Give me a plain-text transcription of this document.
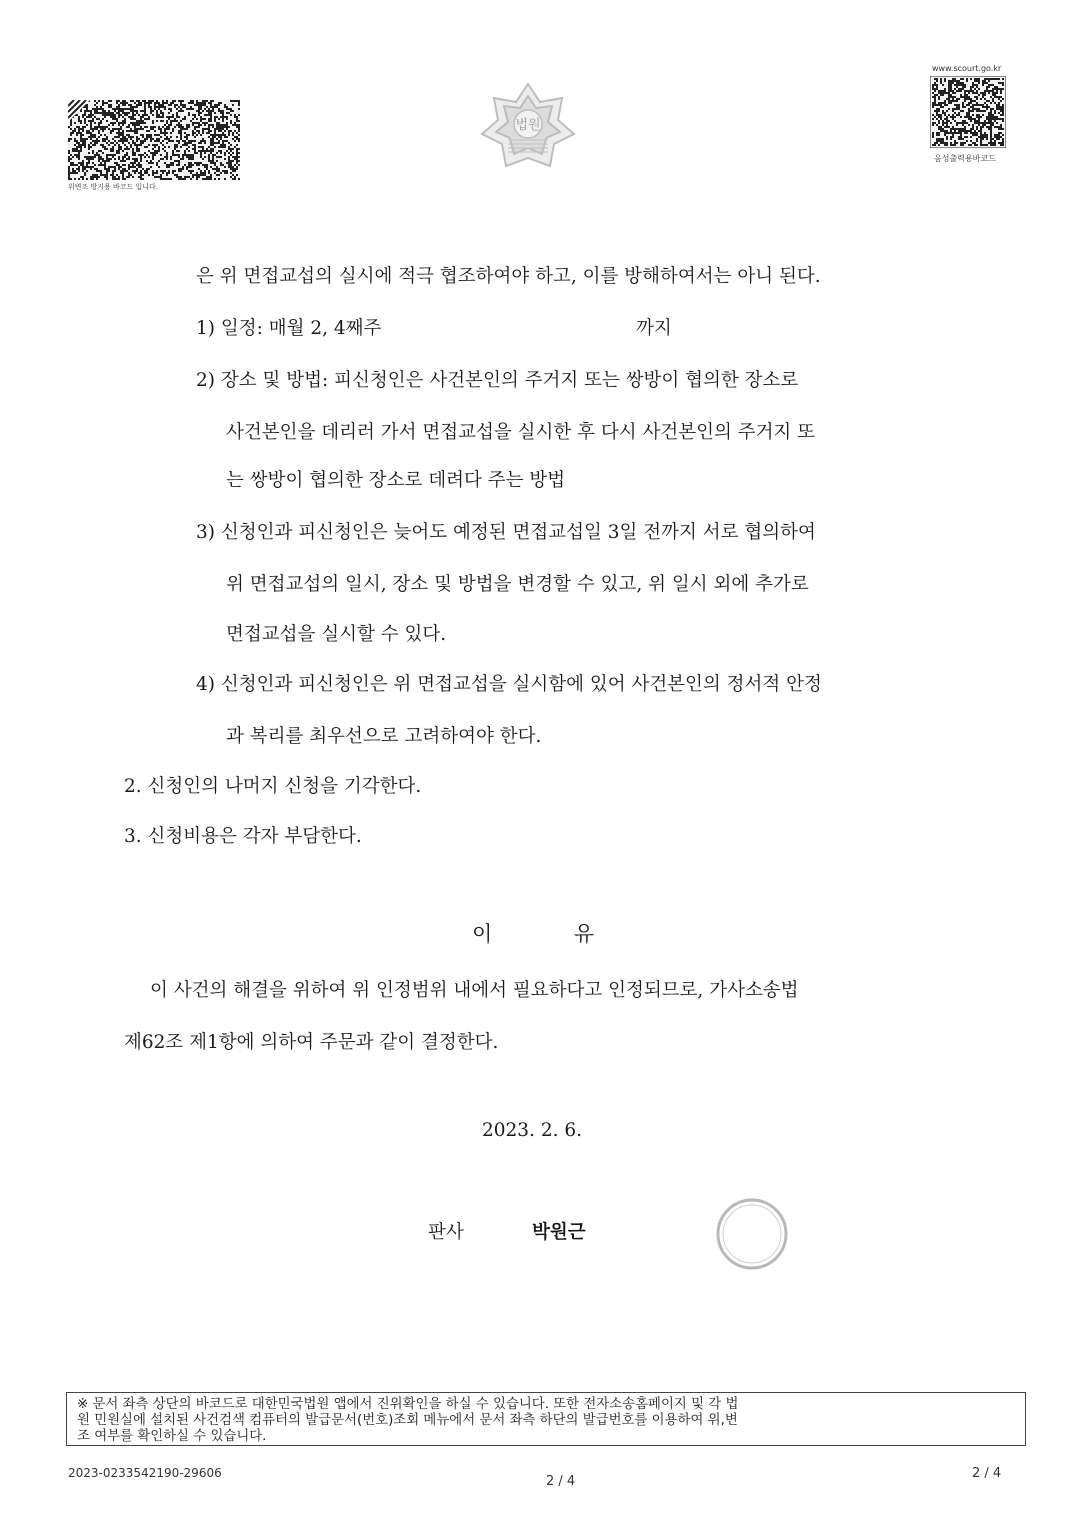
위변조 방지용 바코드 입니다.
법원
www.scourt.go.kr
음성출력용바코드
은 위 면접교섭의 실시에 적극 협조하여야 하고, 이를 방해하여서는 아니 된다.
1) 일정: 매월 2, 4째주	까지
2) 장소 및 방법: 피신청인은 사건본인의 주거지 또는 쌍방이 협의한 장소로
사건본인을 데리러 가서 면접교섭을 실시한 후 다시 사건본인의 주거지 또
는 쌍방이 협의한 장소로 데려다 주는 방법
3) 신청인과 피신청인은 늦어도 예정된 면접교섭일 3일 전까지 서로 협의하여
위 면접교섭의 일시, 장소 및 방법을 변경할 수 있고, 위 일시 외에 추가로
면접교섭을 실시할 수 있다.
4) 신청인과 피신청인은 위 면접교섭을 실시함에 있어 사건본인의 정서적 안정
과 복리를 최우선으로 고려하여야 한다.
2. 신청인의 나머지 신청을 기각한다.
3. 신청비용은 각자 부담한다.
이	유
이 사건의 해결을 위하여 위 인정범위 내에서 필요하다고 인정되므로, 가사소송법
제62조 제1항에 의하여 주문과 같이 결정한다.
2023. 2. 6.
판사	박원근
※ 문서 좌측 상단의 바코드로 대한민국법원 앱에서 진위확인을 하실 수 있습니다. 또한 전자소송홈페이지 및 각 법
원 민원실에 설치된 사건검색 컴퓨터의 발급문서(번호)조회 메뉴에서 문서 좌측 하단의 발급번호를 이용하여 위,변
조 여부를 확인하실 수 있습니다.
2023-0233542190-29606
2 / 4
2 / 4
